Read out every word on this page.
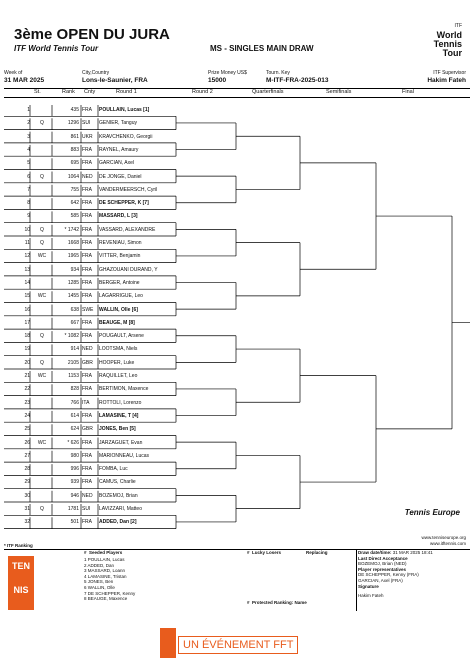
3ème OPEN DU JURA
ITF World Tennis Tour	MS - SINGLES MAIN DRAW
ITF
World
Tennis
Tour
Week of
31 MAR 2025
City,Country
Lons-le-Saunier, FRA
Prize Money US$
15000
Tourn. Key
M-ITF-FRA-2025-013
ITF Supervisor
Hakim Fateh
St.	Rank Cnty	Round 1	Round 2	Quarterfinals	Semifinals	Final
1	435 FRA	POULLAIN, Lucas [1]
2	Q	1296 SUI	GENIER, Tanguy
3	861 UKR	KRAVCHENKO, Georgii
4	883 FRA	RAYNEL, Amaury
5	695 FRA	GARCIAN, Axel
6	Q	1064 NED	DE JONGE, Daniel
7	755 FRA	VANDERMEERSCH, Cyril
8	642 FRA	DE SCHEPPER, K [7]
9	585 FRA	MASSARD, L [3]
10	Q	* 1742 FRA	VASSARD, ALEXANDRE
11	Q	1668 FRA	REVENIAU, Simon
12	WC	1965 FRA	VITTER, Benjamin
13	934 FRA	GHAZOUANI DURAND, Y
14	1285 FRA	BERGER, Antoine
15	WC	1455 FRA	LAGARRIGUE, Leo
16	638 SWE	WALLIN, Olle [6]
17	667 FRA	BEAUGE, M [8]
18	Q	* 1082 FRA	POUGAULT, Arsene
19	914 NED	LOOTSMA, Niels
20	Q	2105 GBR	HOOPER, Luke
21	WC	1153 FRA	RAQUILLET, Leo
22	828 FRA	BERTIMON, Maxence
23	766 ITA	ROTTOLI, Lorenzo
24	614 FRA	LAMASINE, T [4]
25	624 GBR	JONES, Ben [5]
26	WC	* 626 FRA	JARZAGUET, Evan
27	980 FRA	MARIONNEAU, Lucas
28	996 FRA	FOMBA, Luc
29	939 FRA	CAMUS, Charlie
30	946 NED	BOZEMOJ, Brian
31	Q	1781 SUI	LAVIZZARI, Matteo
32	501 FRA	ADDED, Dan [2]
* ITF Ranking
www.tenniseurope.org
www.itftennis.com
Tennis Europe
TEN
NIS
#  Seeded Players
1 POULLAIN, Lucas
2 ADDED, Dan
3 MASSARD, Loann
4 LAMASINE, Tristan
5 JONES, Ben
6 WALLIN, Olle
7 DE SCHEPPER, Kenny
8 BEAUGE, Maxence
#  Lucky Losers	Replacing
#  Protected Ranking: Name
Draw date/time: 31 MAR 2025 18:41
Last Direct Acceptance
BOZEMOJ, Brian (NED)
Player representatives
DE SCHEPPER, Kenny (FRA)
GARCIAN, Axel (FRA)
Signature
Hakim Fateh
UN ÉVÉNEMENT FFT
